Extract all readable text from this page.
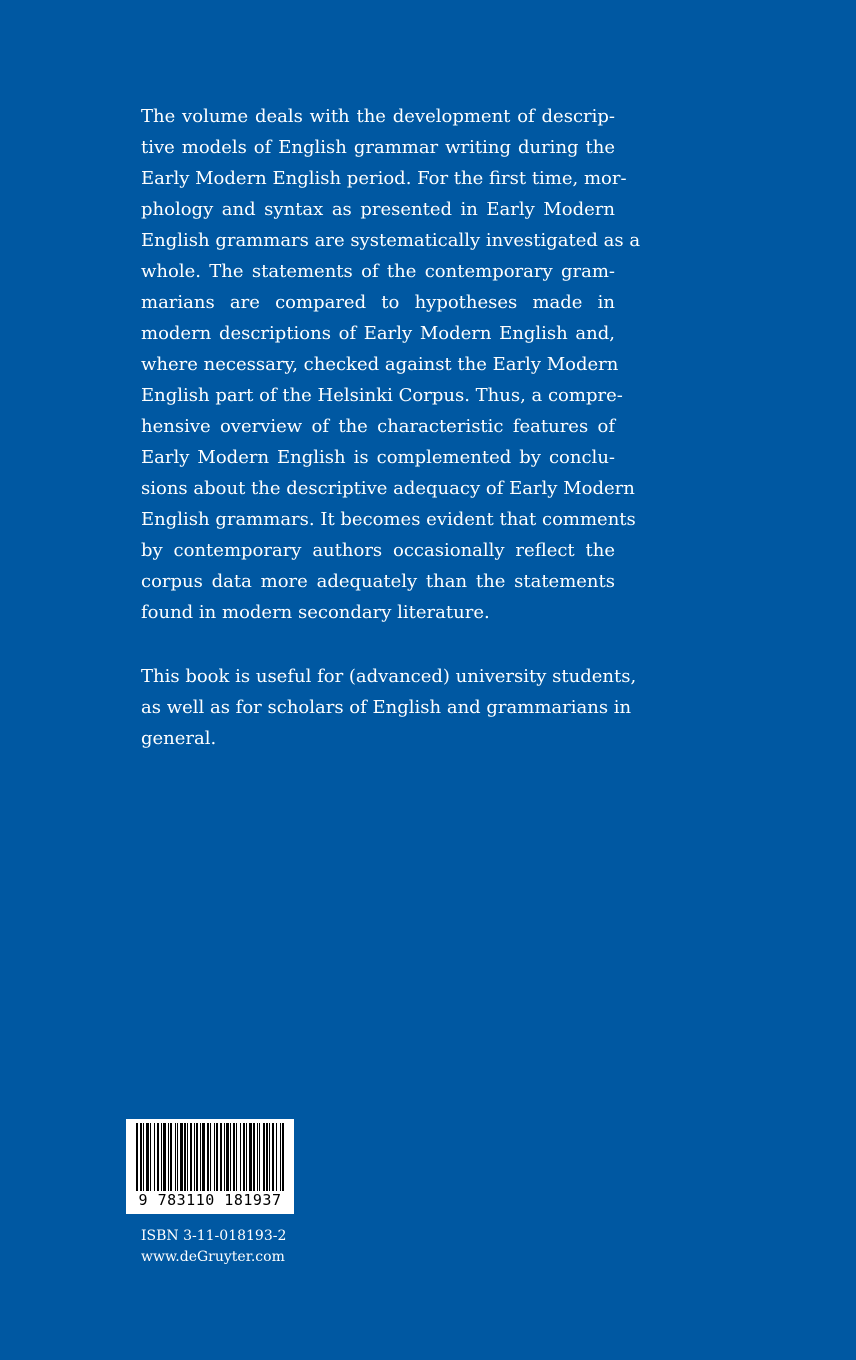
The volume deals with the development of descrip-
tive models of English grammar writing during the
Early Modern English period. For the first time, mor-
phology and syntax as presented in Early Modern
English grammars are systematically investigated as a
whole. The statements of the contemporary gram-
marians are compared to hypotheses made in
modern descriptions of Early Modern English and,
where necessary, checked against the Early Modern
English part of the Helsinki Corpus. Thus, a compre-
hensive overview of the characteristic features of
Early Modern English is complemented by conclu-
sions about the descriptive adequacy of Early Modern
English grammars. It becomes evident that comments
by contemporary authors occasionally reflect the
corpus data more adequately than the statements
found in modern secondary literature.
This book is useful for (advanced) university students,
as well as for scholars of English and grammarians in
general.
9 783110 181937
ISBN 3-11-018193-2
www.deGruyter.com
